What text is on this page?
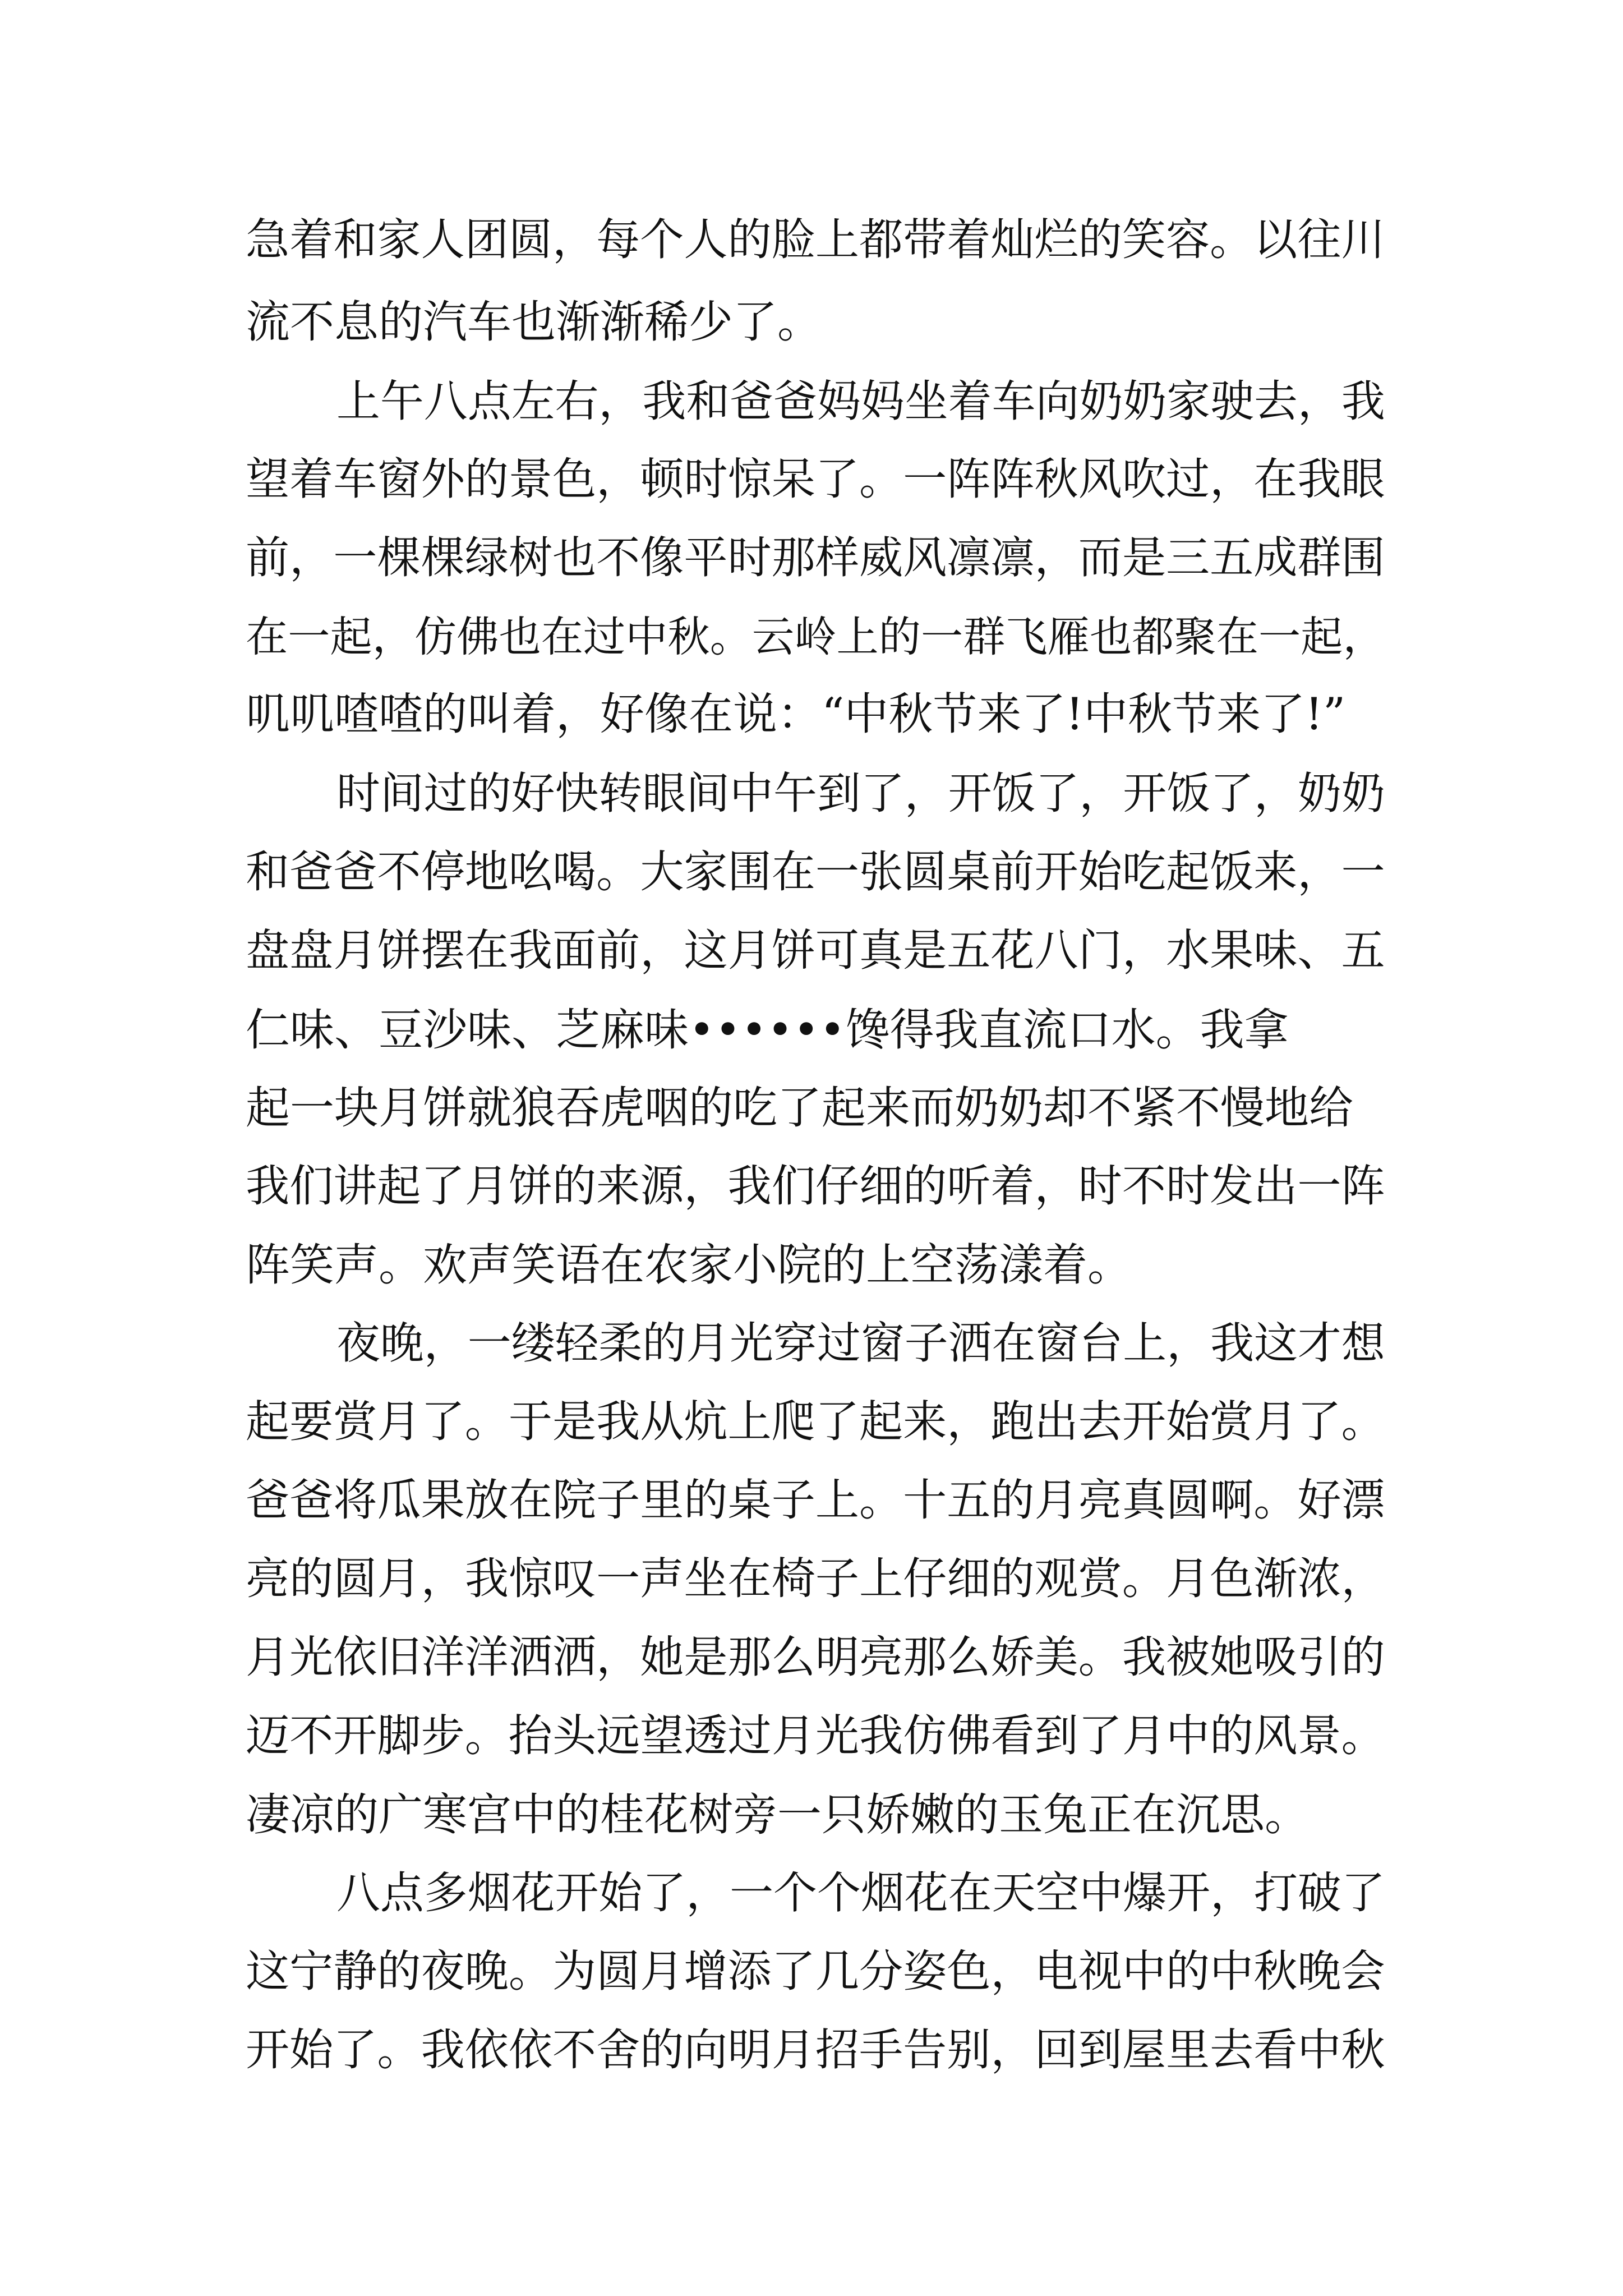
急着和家人团圆，每个人的脸上都带着灿烂的笑容。以往川
流不息的汽车也渐渐稀少了。
上午八点左右，我和爸爸妈妈坐着车向奶奶家驶去，我
望着车窗外的景色，顿时惊呆了。一阵阵秋风吹过，在我眼
前，一棵棵绿树也不像平时那样威风凛凛，而是三五成群围
在一起，仿佛也在过中秋。云岭上的一群飞雁也都聚在一起，
叽叽喳喳的叫着，好像在说：“中秋节来了!中秋节来了!”
时间过的好快转眼间中午到了，开饭了，开饭了，奶奶
和爸爸不停地吆喝。大家围在一张圆桌前开始吃起饭来，一
盘盘月饼摆在我面前，这月饼可真是五花八门，水果味、五
仁味、豆沙味、芝麻味••••••馋得我直流口水。我拿
起一块月饼就狼吞虎咽的吃了起来而奶奶却不紧不慢地给
我们讲起了月饼的来源，我们仔细的听着，时不时发出一阵
阵笑声。欢声笑语在农家小院的上空荡漾着。
夜晚，一缕轻柔的月光穿过窗子洒在窗台上，我这才想
起要赏月了。于是我从炕上爬了起来，跑出去开始赏月了。
爸爸将瓜果放在院子里的桌子上。十五的月亮真圆啊。好漂
亮的圆月，我惊叹一声坐在椅子上仔细的观赏。月色渐浓，
月光依旧洋洋洒洒，她是那么明亮那么娇美。我被她吸引的
迈不开脚步。抬头远望透过月光我仿佛看到了月中的风景。
凄凉的广寒宫中的桂花树旁一只娇嫩的玉兔正在沉思。
八点多烟花开始了，一个个烟花在天空中爆开，打破了
这宁静的夜晚。为圆月增添了几分姿色，电视中的中秋晚会
开始了。我依依不舍的向明月招手告别，回到屋里去看中秋
